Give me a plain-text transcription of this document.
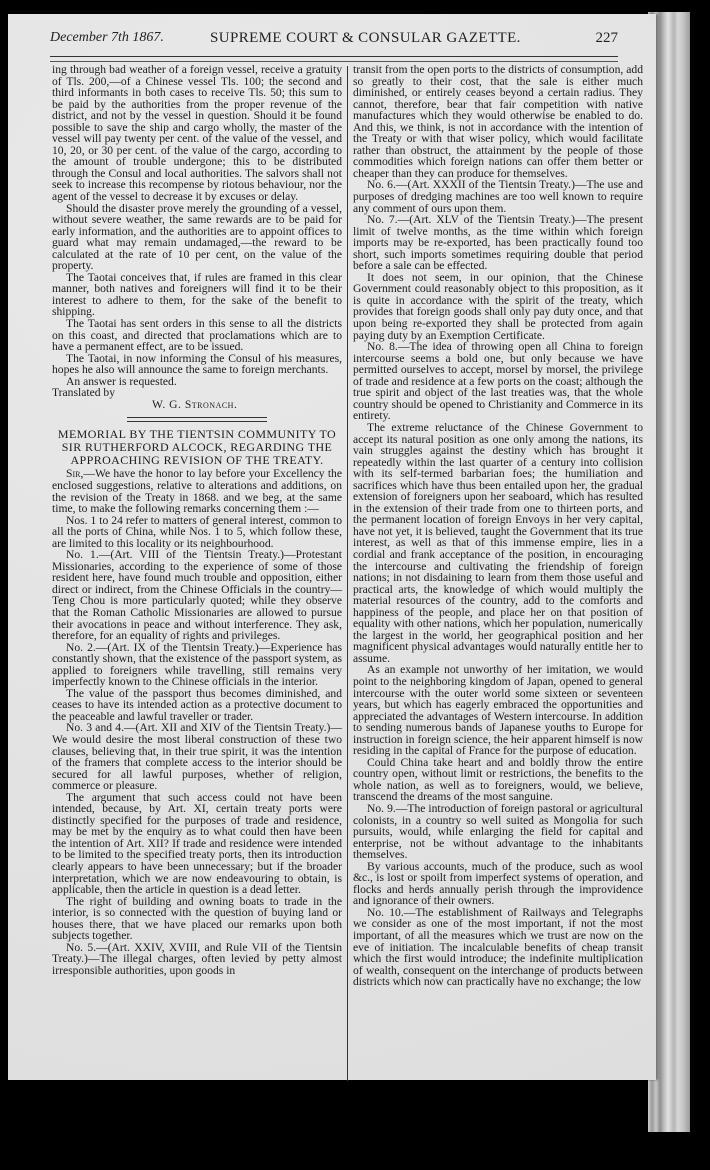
December 7th 1867.	SUPREME COURT & CONSULAR GAZETTE.	227

ing through bad weather of a foreign vessel, receive a gratuity of Tls. 200,—of a Chinese vessel Tls. 100; the second and third informants in both cases to receive Tls. 50; this sum to be paid by the authorities from the proper revenue of the district, and not by the vessel in question. Should it be found possible to save the ship and cargo wholly, the master of the vessel will pay twenty per cent. of the value of the vessel, and 10, 20, or 30 per cent. of the value of the cargo, according to the amount of trouble undergone; this to be distributed through the Consul and local authorities. The salvors shall not seek to increase this recompense by riotous behaviour, nor the agent of the vessel to decrease it by excuses or delay.

Should the disaster prove merely the grounding of a vessel, without severe weather, the same rewards are to be paid for early information, and the authorities are to appoint offices to guard what may remain undamaged,—the reward to be calculated at the rate of 10 per cent, on the value of the property.

The Taotai conceives that, if rules are framed in this clear manner, both natives and foreigners will find it to be their interest to adhere to them, for the sake of the benefit to shipping.

The Taotai has sent orders in this sense to all the districts on this coast, and directed that proclamations which are to have a permanent effect, are to be issued.

The Taotai, in now informing the Consul of his measures, hopes he also will announce the same to foreign merchants.

An answer is requested.

Translated by

W. G. Stronach.

MEMORIAL BY THE TIENTSIN COMMUNITY TO SIR RUTHERFORD ALCOCK, REGARDING THE APPROACHING REVISION OF THE TREATY.

Sir,—We have the honor to lay before your Excellency the enclosed suggestions, relative to alterations and additions, on the revision of the Treaty in 1868. and we beg, at the same time, to make the following remarks concerning them :—

Nos. 1 to 24 refer to matters of general interest, common to all the ports of China, while Nos. 1 to 5, which follow these, are limited to this locality or its neighbourhood.

No. 1.—(Art. VIII of the Tientsin Treaty.)—Protestant Missionaries, according to the experience of some of those resident here, have found much trouble and opposition, either direct or indirect, from the Chinese Officials in the country—Teng Chou is more particularly quoted; while they observe that the Roman Catholic Missionaries are allowed to pursue their avocations in peace and without interference. They ask, therefore, for an equality of rights and privileges.

No. 2.—(Art. IX of the Tientsin Treaty.)—Experience has constantly shown, that the existence of the passport system, as applied to foreigners while travelling, still remains very imperfectly known to the Chinese officials in the interior.

The value of the passport thus becomes diminished, and ceases to have its intended action as a protective document to the peaceable and lawful traveller or trader.

No. 3 and 4.—(Art. XII and XIV of the Tientsin Treaty.)—We would desire the most liberal construction of these two clauses, believing that, in their true spirit, it was the intention of the framers that complete access to the interior should be secured for all lawful purposes, whether of religion, commerce or pleasure.

The argument that such access could not have been intended, because, by Art. XI, certain treaty ports were distinctly specified for the purposes of trade and residence, may be met by the enquiry as to what could then have been the intention of Art. XII? If trade and residence were intended to be limited to the specified treaty ports, then its introduction clearly appears to have been unnecessary; but if the broader interpretation, which we are now endeavouring to obtain, is applicable, then the article in question is a dead letter.

The right of building and owning boats to trade in the interior, is so connected with the question of buying land or houses there, that we have placed our remarks upon both subjects together.

No. 5.—(Art. XXIV, XVIII, and Rule VII of the Tientsin Treaty.)—The illegal charges, often levied by petty almost irresponsible authorities, upon goods in

transit from the open ports to the districts of consumption, add so greatly to their cost, that the sale is either much diminished, or entirely ceases beyond a certain radius. They cannot, therefore, bear that fair competition with native manufactures which they would otherwise be enabled to do. And this, we think, is not in accordance with the intention of the Treaty or with that wiser policy, which would facilitate rather than obstruct, the attainment by the people of those commodities which foreign nations can offer them better or cheaper than they can produce for themselves.

No. 6.—(Art. XXXII of the Tientsin Treaty.)—The use and purposes of dredging machines are too well known to require any comment of ours upon them.

No. 7.—(Art. XLV of the Tientsin Treaty.)—The present limit of twelve months, as the time within which foreign imports may be re-exported, has been practically found too short, such imports sometimes requiring double that period before a sale can be effected.

It does not seem, in our opinion, that the Chinese Government could reasonably object to this proposition, as it is quite in accordance with the spirit of the treaty, which provides that foreign goods shall only pay duty once, and that upon being re-exported they shall be protected from again paying duty by an Exemption Certificate.

No. 8.—The idea of throwing open all China to foreign intercourse seems a bold one, but only because we have permitted ourselves to accept, morsel by morsel, the privilege of trade and residence at a few ports on the coast; although the true spirit and object of the last treaties was, that the whole country should be opened to Christianity and Commerce in its entirety.

The extreme reluctance of the Chinese Government to accept its natural position as one only among the nations, its vain struggles against the destiny which has brought it repeatedly within the last quarter of a century into collision with its self-termed barbarian foes; the humiliation and sacrifices which have thus been entailed upon her, the gradual extension of foreigners upon her seaboard, which has resulted in the extension of their trade from one to thirteen ports, and the permanent location of foreign Envoys in her very capital, have not yet, it is believed, taught the Government that its true interest, as well as that of this immense empire, lies in a cordial and frank acceptance of the position, in encouraging the intercourse and cultivating the friendship of foreign nations; in not disdaining to learn from them those useful and practical arts, the knowledge of which would multiply the material resources of the country, add to the comforts and happiness of the people, and place her on that position of equality with other nations, which her population, numerically the largest in the world, her geographical position and her magnificent physical advantages would naturally entitle her to assume.

As an example not unworthy of her imitation, we would point to the neighboring kingdom of Japan, opened to general intercourse with the outer world some sixteen or seventeen years, but which has eagerly embraced the opportunities and appreciated the advantages of Western intercourse. In addition to sending numerous bands of Japanese youths to Europe for instruction in foreign science, the heir apparent himself is now residing in the capital of France for the purpose of education.

Could China take heart and and boldly throw the entire country open, without limit or restrictions, the benefits to the whole nation, as well as to foreigners, would, we believe, transcend the dreams of the most sanguine.

No. 9.—The introduction of foreign pastoral or agricultural colonists, in a country so well suited as Mongolia for such pursuits, would, while enlarging the field for capital and enterprise, not be without advantage to the inhabitants themselves.

By various accounts, much of the produce, such as wool &c., is lost or spoilt from imperfect systems of operation, and flocks and herds annually perish through the improvidence and ignorance of their owners.

No. 10.—The establishment of Railways and Telegraphs we consider as one of the most important, if not the most important, of all the measures which we trust are now on the eve of initiation. The incalculable benefits of cheap transit which the first would introduce; the indefinite multiplication of wealth, consequent on the interchange of products between districts which now can practically have no exchange; the low
